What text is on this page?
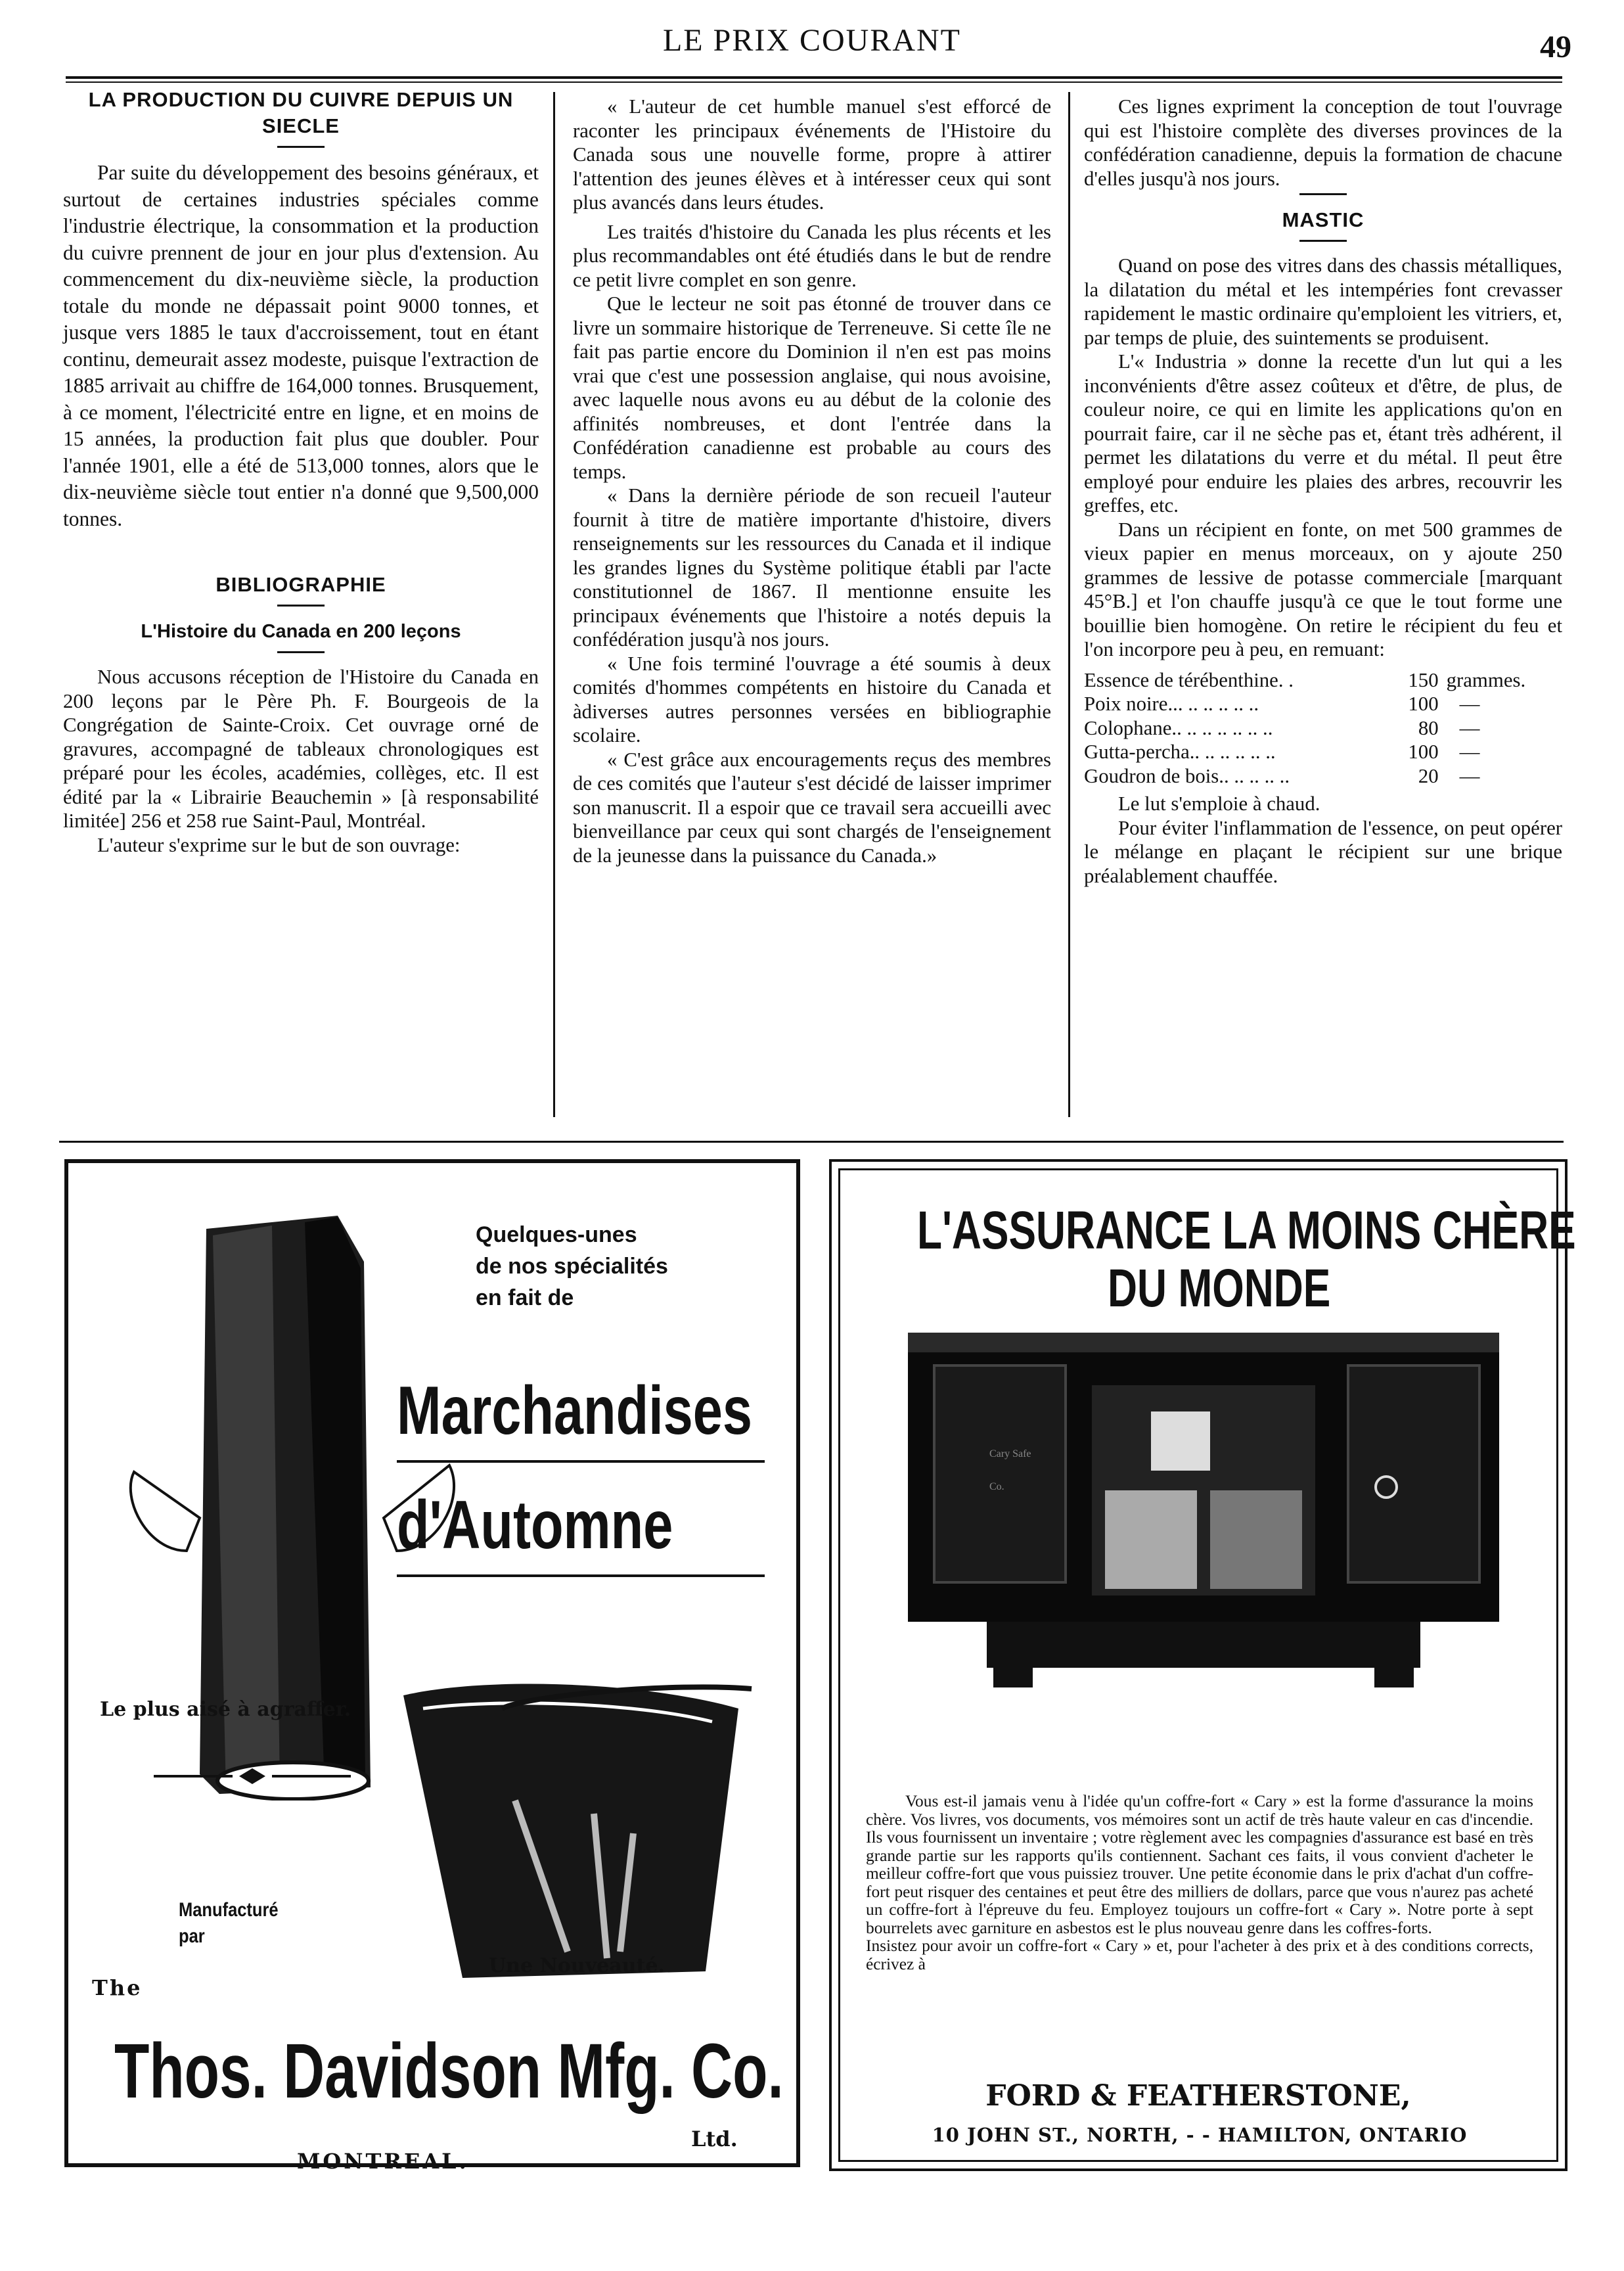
LE PRIX COURANT	49
LA PRODUCTION DU CUIVRE DEPUIS UN SIECLE

Par suite du développement des besoins généraux, et surtout de certaines industries spéciales comme l'industrie électrique, la consommation et la production du cuivre prennent de jour en jour plus d'extension. Au commencement du dix-neuvième siècle, la production totale du monde ne dépassait point 9000 tonnes, et jusque vers 1885 le taux d'accroissement, tout en étant continu, demeurait assez modeste, puisque l'extraction de 1885 arrivait au chiffre de 164,000 tonnes. Brusquement, à ce moment, l'électricité entre en ligne, et en moins de 15 années, la production fait plus que doubler. Pour l'année 1901, elle a été de 513,000 tonnes, alors que le dix-neuvième siècle tout entier n'a donné que 9,500,000 tonnes.

BIBLIOGRAPHIE
L'Histoire du Canada en 200 leçons

Nous accusons réception de l'Histoire du Canada en 200 leçons par le Père Ph. F. Bourgeois de la Congrégation de Sainte-Croix. Cet ouvrage orné de gravures, accompagné de tableaux chronologiques est préparé pour les écoles, académies, collèges, etc. Il est édité par la « Librairie Beauchemin » [à responsabilité limitée] 256 et 258 rue Saint-Paul, Montréal.

L'auteur s'exprime sur le but de son ouvrage:

« L'auteur de cet humble manuel s'est efforcé de raconter les principaux événements de l'Histoire du Canada sous une nouvelle forme, propre à attirer l'attention des jeunes élèves et à intéresser ceux qui sont plus avancés dans leurs études.

Les traités d'histoire du Canada les plus récents et les plus recommandables ont été étudiés dans le but de rendre ce petit livre complet en son genre.

Que le lecteur ne soit pas étonné de trouver dans ce livre un sommaire historique de Terreneuve. Si cette île ne fait pas partie encore du Dominion il n'en est pas moins vrai que c'est une possession anglaise, qui nous avoisine, avec laquelle nous avons eu au début de la colonie des affinités nombreuses, et dont l'entrée dans la Confédération canadienne est probable au cours des temps.

« Dans la dernière période de son recueil l'auteur fournit à titre de matière importante d'histoire, divers renseignements sur les ressources du Canada et il indique les grandes lignes du Système politique établi par l'acte constitutionnel de 1867. Il mentionne ensuite les principaux événements que l'histoire a notés depuis la confédération jusqu'à nos jours.

« Une fois terminé l'ouvrage a été soumis à deux comités d'hommes compétents en histoire du Canada et àdiverses autres personnes versées en bibliographie scolaire.

« C'est grâce aux encouragements reçus des membres de ces comités que l'auteur s'est décidé de laisser imprimer son manuscrit. Il a espoir que ce travail sera accueilli avec bienveillance par ceux qui sont chargés de l'enseignement de la jeunesse dans la puissance du Canada.»

Ces lignes expriment la conception de tout l'ouvrage qui est l'histoire complète des diverses provinces de la confédération canadienne, depuis la formation de chacune d'elles jusqu'à nos jours.

MASTIC

Quand on pose des vitres dans des chassis métalliques, la dilatation du métal et les intempéries font crevasser rapidement le mastic ordinaire qu'emploient les vitriers, et, par temps de pluie, des suintements se produisent.

L'« Industria » donne la recette d'un lut qui a les inconvénients d'être assez coûteux et d'être, de plus, de couleur noire, ce qui en limite les applications qu'on en pourrait faire, car il ne sèche pas et, étant très adhérent, il permet les dilatations du verre et du métal. Il peut être employé pour enduire les plaies des arbres, recouvrir les greffes, etc.

Dans un récipient en fonte, on met 500 grammes de vieux papier en menus morceaux, on y ajoute 250 grammes de lessive de potasse commerciale [marquant 45°B.] et l'on chauffe jusqu'à ce que le tout forme une bouillie bien homogène. On retire le récipient du feu et l'on incorpore peu à peu, en remuant:

Essence de térébenthine. .	150	grammes.
Poix noire... .. .. .. .. ..	100	—
Colophane.. .. .. .. .. .. ..	80	—
Gutta-percha.. .. .. .. .. ..	100	—
Goudron de bois.. .. .. .. ..	20	—

Le lut s'emploie à chaud.

Pour éviter l'inflammation de l'essence, on peut opérer le mélange en plaçant le récipient sur une brique préalablement chauffée.

Quelques-unes
de nos spécialités
en fait de
Marchandises
d'Automne
Le plus aisé à agraffer.
Manufacturé
par
Une Nouveauté.
The
Thos. Davidson Mfg. Co.
Ltd.
MONTREAL.
L'ASSURANCE LA MOINS CHÈRE
DU MONDE
Cary Safe Co.
Vous est-il jamais venu à l'idée qu'un coffre-fort « Cary » est la forme d'assurance la moins chère. Vos livres, vos documents, vos mémoires sont un actif de très haute valeur en cas d'incendie. Ils vous fournissent un inventaire ; votre règlement avec les compagnies d'assurance est basé en très grande partie sur les rapports qu'ils contiennent. Sachant ces faits, il vous convient d'acheter le meilleur coffre-fort que vous puissiez trouver. Une petite économie dans le prix d'achat d'un coffre-fort peut risquer des centaines et peut être des milliers de dollars, parce que vous n'aurez pas acheté un coffre-fort à l'épreuve du feu. Employez toujours un coffre-fort « Cary ». Notre porte à sept bourrelets avec garniture en asbestos est le plus nouveau genre dans les coffres-forts.
Insistez pour avoir un coffre-fort « Cary » et, pour l'acheter à des prix et à des conditions corrects, écrivez à
FORD & FEATHERSTONE,
10 JOHN ST., NORTH, - - HAMILTON, ONTARIO
